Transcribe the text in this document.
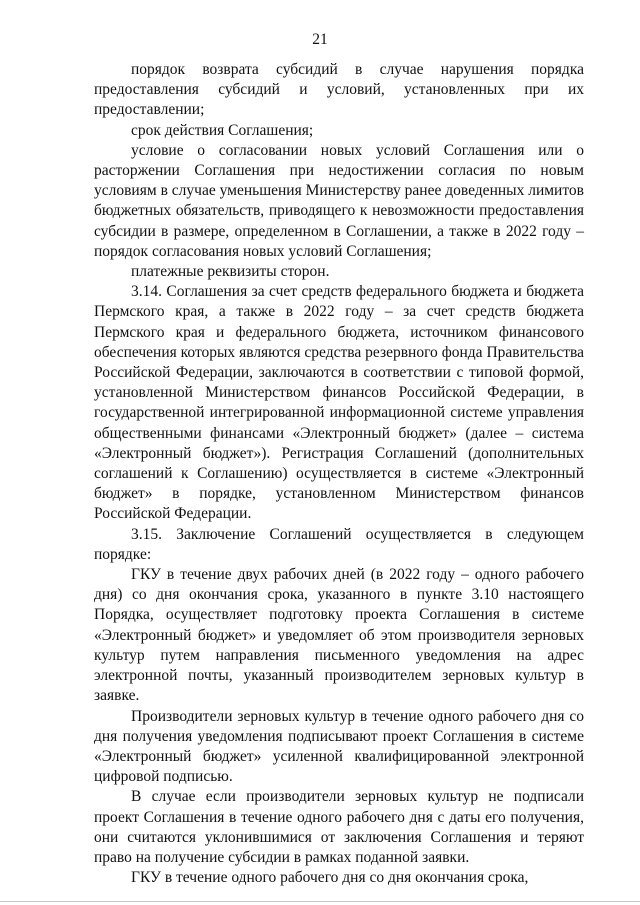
21

порядок возврата субсидий в случае нарушения порядка предоставления субсидий и условий, установленных при их предоставлении;

срок действия Соглашения;

условие о согласовании новых условий Соглашения или о расторжении Соглашения при недостижении согласия по новым условиям в случае уменьшения Министерству ранее доведенных лимитов бюджетных обязательств, приводящего к невозможности предоставления субсидии в размере, определенном в Соглашении, а также в 2022 году – порядок согласования новых условий Соглашения;

платежные реквизиты сторон.

3.14. Соглашения за счет средств федерального бюджета и бюджета Пермского края, а также в 2022 году – за счет средств бюджета Пермского края и федерального бюджета, источником финансового обеспечения которых являются средства резервного фонда Правительства Российской Федерации, заключаются в соответствии с типовой формой, установленной Министерством финансов Российской Федерации, в государственной интегрированной информационной системе управления общественными финансами «Электронный бюджет» (далее – система «Электронный бюджет»). Регистрация Соглашений (дополнительных соглашений к Соглашению) осуществляется в системе «Электронный бюджет» в порядке, установленном Министерством финансов Российской Федерации.

3.15. Заключение Соглашений осуществляется в следующем порядке:

ГКУ в течение двух рабочих дней (в 2022 году – одного рабочего дня) со дня окончания срока, указанного в пункте 3.10 настоящего Порядка, осуществляет подготовку проекта Соглашения в системе «Электронный бюджет» и уведомляет об этом производителя зерновых культур путем направления письменного уведомления на адрес электронной почты, указанный производителем зерновых культур в заявке.

Производители зерновых культур в течение одного рабочего дня со дня получения уведомления подписывают проект Соглашения в системе «Электронный бюджет» усиленной квалифицированной электронной цифровой подписью.

В случае если производители зерновых культур не подписали проект Соглашения в течение одного рабочего дня с даты его получения, они считаются уклонившимися от заключения Соглашения и теряют право на получение субсидии в рамках поданной заявки.

ГКУ в течение одного рабочего дня со дня окончания срока,
